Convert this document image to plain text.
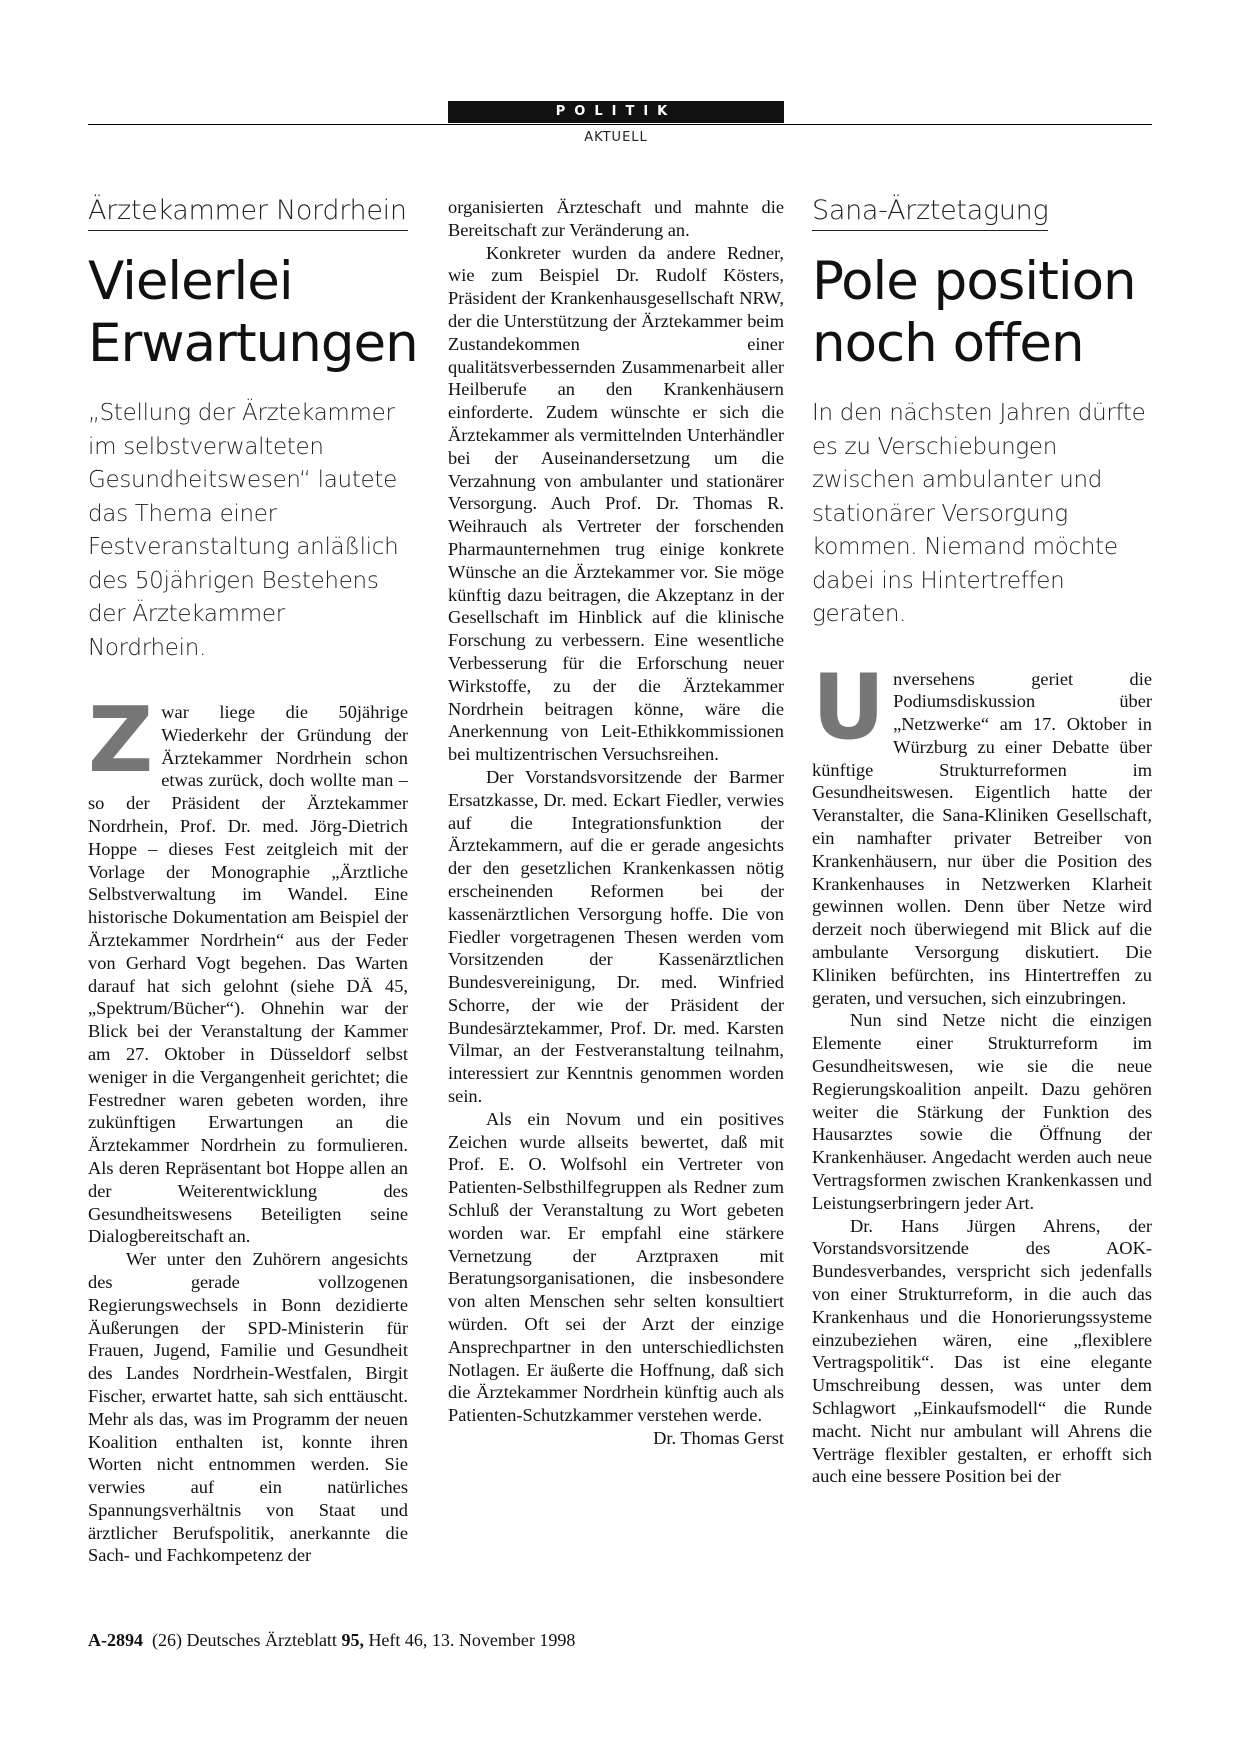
POLITIK
AKTUELL
Ärztekammer Nordrhein
Vielerlei
Erwartungen

„Stellung der Ärztekammer im selbstverwalteten Gesundheitswesen“ lautete das Thema einer Festveranstaltung anläßlich des 50jährigen Bestehens der Ärztekammer Nordrhein.

Zwar liege die 50jährige Wiederkehr der Gründung der Ärztekammer Nordrhein schon etwas zurück, doch wollte man – so der Präsident der Ärztekammer Nordrhein, Prof. Dr. med. Jörg-Dietrich Hoppe – dieses Fest zeitgleich mit der Vorlage der Monographie „Ärztliche Selbstverwaltung im Wandel. Eine historische Dokumentation am Beispiel der Ärztekammer Nordrhein“ aus der Feder von Gerhard Vogt begehen. Das Warten darauf hat sich gelohnt (siehe DÄ 45, „Spektrum/Bücher“). Ohnehin war der Blick bei der Veranstaltung der Kammer am 27. Oktober in Düsseldorf selbst weniger in die Vergangenheit gerichtet; die Festredner waren gebeten worden, ihre zukünftigen Erwartungen an die Ärztekammer Nordrhein zu formulieren. Als deren Repräsentant bot Hoppe allen an der Weiterentwicklung des Gesundheitswesens Beteiligten seine Dialogbereitschaft an.

Wer unter den Zuhörern angesichts des gerade vollzogenen Regierungswechsels in Bonn dezidierte Äußerungen der SPD-Ministerin für Frauen, Jugend, Familie und Gesundheit des Landes Nordrhein-Westfalen, Birgit Fischer, erwartet hatte, sah sich enttäuscht. Mehr als das, was im Programm der neuen Koalition enthalten ist, konnte ihren Worten nicht entnommen werden. Sie verwies auf ein natürliches Spannungsverhältnis von Staat und ärztlicher Berufspolitik, anerkannte die Sach- und Fachkompetenz der

organisierten Ärzteschaft und mahnte die Bereitschaft zur Veränderung an.

Konkreter wurden da andere Redner, wie zum Beispiel Dr. Rudolf Kösters, Präsident der Krankenhausgesellschaft NRW, der die Unterstützung der Ärztekammer beim Zustandekommen einer qualitätsverbessernden Zusammenarbeit aller Heilberufe an den Krankenhäusern einforderte. Zudem wünschte er sich die Ärztekammer als vermittelnden Unterhändler bei der Auseinandersetzung um die Verzahnung von ambulanter und stationärer Versorgung. Auch Prof. Dr. Thomas R. Weihrauch als Vertreter der forschenden Pharmaunternehmen trug einige konkrete Wünsche an die Ärztekammer vor. Sie möge künftig dazu beitragen, die Akzeptanz in der Gesellschaft im Hinblick auf die klinische Forschung zu verbessern. Eine wesentliche Verbesserung für die Erforschung neuer Wirkstoffe, zu der die Ärztekammer Nordrhein beitragen könne, wäre die Anerkennung von Leit-Ethikkommissionen bei multizentrischen Versuchsreihen.

Der Vorstandsvorsitzende der Barmer Ersatzkasse, Dr. med. Eckart Fiedler, verwies auf die Integrationsfunktion der Ärztekammern, auf die er gerade angesichts der den gesetzlichen Krankenkassen nötig erscheinenden Reformen bei der kassenärztlichen Versorgung hoffe. Die von Fiedler vorgetragenen Thesen werden vom Vorsitzenden der Kassenärztlichen Bundesvereinigung, Dr. med. Winfried Schorre, der wie der Präsident der Bundesärztekammer, Prof. Dr. med. Karsten Vilmar, an der Festveranstaltung teilnahm, interessiert zur Kenntnis genommen worden sein.

Als ein Novum und ein positives Zeichen wurde allseits bewertet, daß mit Prof. E. O. Wolfsohl ein Vertreter von Patienten-Selbsthilfegruppen als Redner zum Schluß der Veranstaltung zu Wort gebeten worden war. Er empfahl eine stärkere Vernetzung der Arztpraxen mit Beratungsorganisationen, die insbesondere von alten Menschen sehr selten konsultiert würden. Oft sei der Arzt der einzige Ansprechpartner in den unterschiedlichsten Notlagen. Er äußerte die Hoffnung, daß sich die Ärztekammer Nordrhein künftig auch als Patienten-Schutzkammer verstehen werde.
Dr. Thomas Gerst

Sana-Ärztetagung
Pole position
noch offen

In den nächsten Jahren dürfte es zu Verschiebungen zwischen ambulanter und stationärer Versorgung kommen. Niemand möchte dabei ins Hintertreffen geraten.

Unversehens geriet die Podiumsdiskussion über „Netzwerke“ am 17. Oktober in Würzburg zu einer Debatte über künftige Strukturreformen im Gesundheitswesen. Eigentlich hatte der Veranstalter, die Sana-Kliniken Gesellschaft, ein namhafter privater Betreiber von Krankenhäusern, nur über die Position des Krankenhauses in Netzwerken Klarheit gewinnen wollen. Denn über Netze wird derzeit noch überwiegend mit Blick auf die ambulante Versorgung diskutiert. Die Kliniken befürchten, ins Hintertreffen zu geraten, und versuchen, sich einzubringen.

Nun sind Netze nicht die einzigen Elemente einer Strukturreform im Gesundheitswesen, wie sie die neue Regierungskoalition anpeilt. Dazu gehören weiter die Stärkung der Funktion des Hausarztes sowie die Öffnung der Krankenhäuser. Angedacht werden auch neue Vertragsformen zwischen Krankenkassen und Leistungserbringern jeder Art.

Dr. Hans Jürgen Ahrens, der Vorstandsvorsitzende des AOK-Bundesverbandes, verspricht sich jedenfalls von einer Strukturreform, in die auch das Krankenhaus und die Honorierungssysteme einzubeziehen wären, eine „flexiblere Vertragspolitik“. Das ist eine elegante Umschreibung dessen, was unter dem Schlagwort „Einkaufsmodell“ die Runde macht. Nicht nur ambulant will Ahrens die Verträge flexibler gestalten, er erhofft sich auch eine bessere Position bei der

A-2894 (26) Deutsches Ärzteblatt 95, Heft 46, 13. November 1998
